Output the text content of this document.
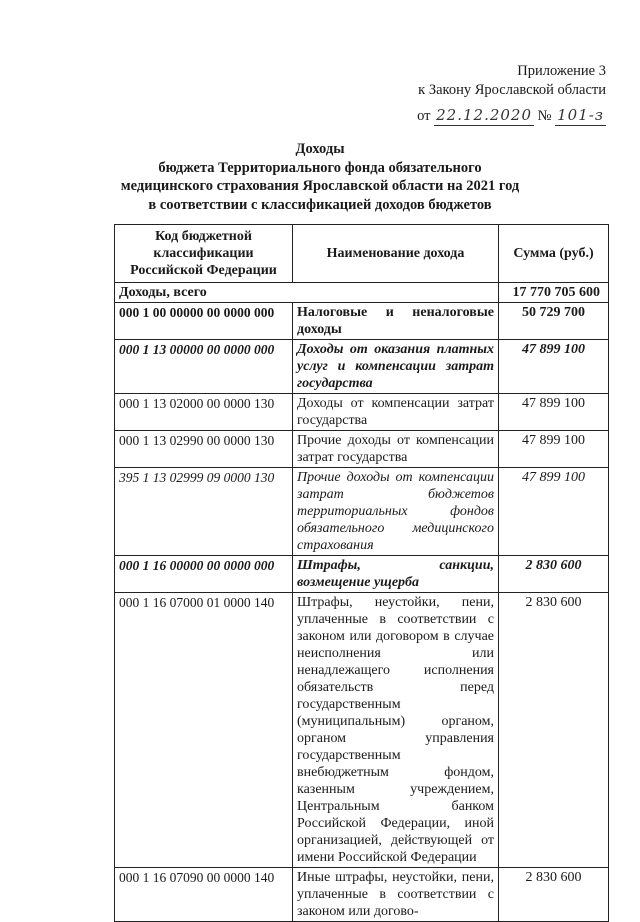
Приложение 3
к Закону Ярославской области
от 22.12.2020 № 101-з
Доходы
бюджета Территориального фонда обязательного
медицинского страхования Ярославской области на 2021 год
в соответствии с классификацией доходов бюджетов
Код бюджетной классификации Российской Федерации	Наименование дохода	Сумма (руб.)
Доходы, всего		17 770 705 600
000 1 00 00000 00 0000 000	Налоговые и неналоговые доходы	50 729 700
000 1 13 00000 00 0000 000	Доходы от оказания платных услуг и компенсации затрат государства	47 899 100
000 1 13 02000 00 0000 130	Доходы от компенсации затрат государства	47 899 100
000 1 13 02990 00 0000 130	Прочие доходы от компенсации затрат государства	47 899 100
395 1 13 02999 09 0000 130	Прочие доходы от компенсации затрат бюджетов территориальных фондов обязательного медицинского страхования	47 899 100
000 1 16 00000 00 0000 000	Штрафы, санкции, возмещение ущерба	2 830 600
000 1 16 07000 01 0000 140	Штрафы, неустойки, пени, уплаченные в соответствии с законом или договором в случае неисполнения или ненадлежащего исполнения обязательств перед государственным (муниципальным) органом, органом управления государственным внебюджетным фондом, казенным учреждением, Центральным банком Российской Федерации, иной организацией, действующей от имени Российской Федерации	2 830 600
000 1 16 07090 00 0000 140	Иные штрафы, неустойки, пени, уплаченные в соответствии с законом или догово-	2 830 600
